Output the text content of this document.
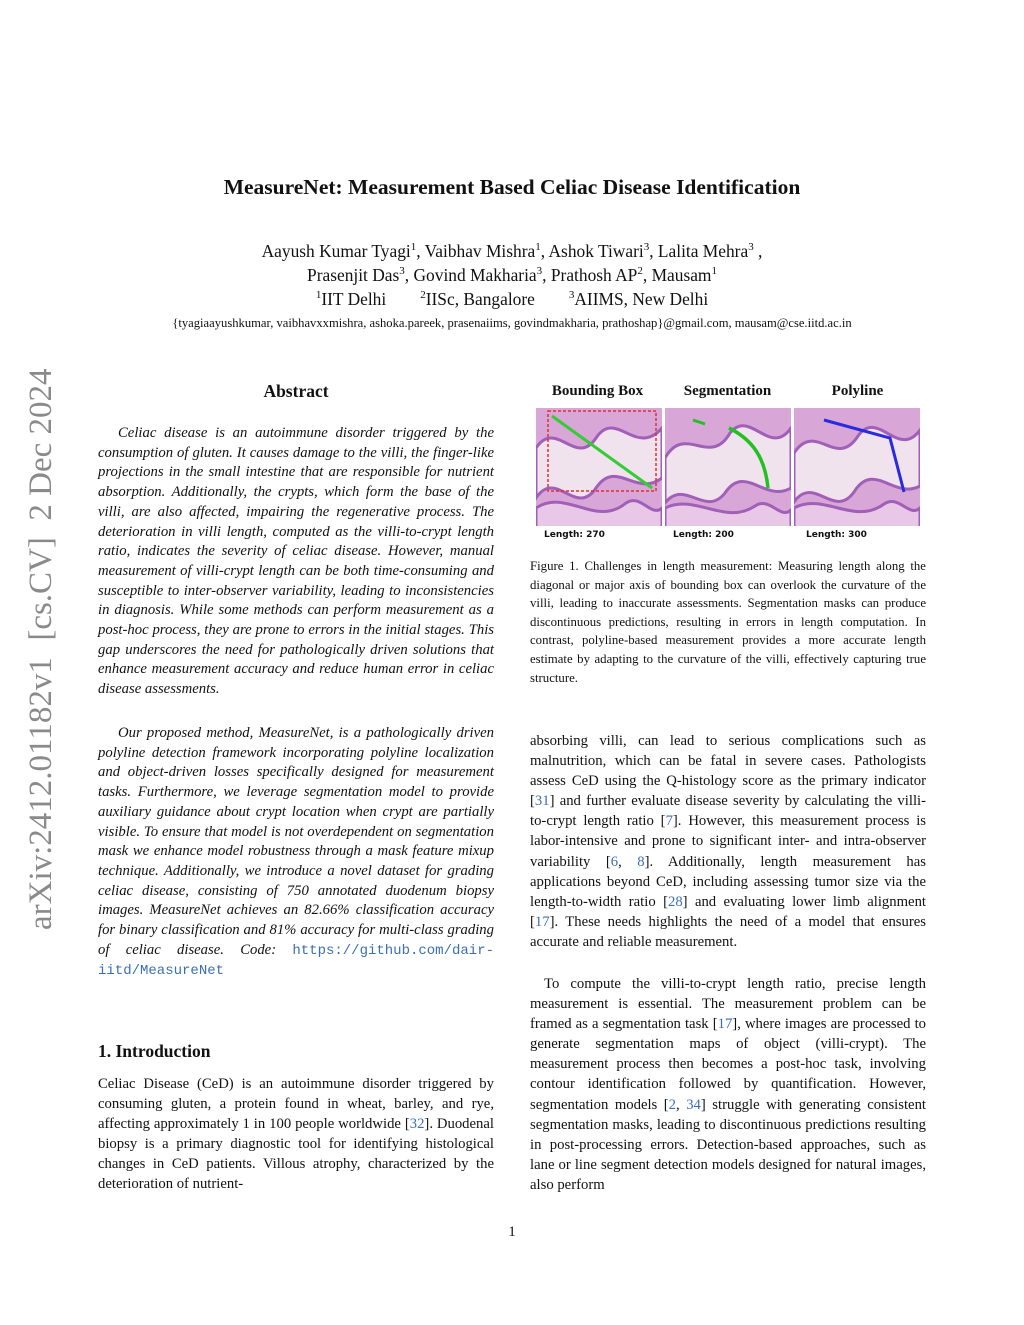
arXiv:2412.01182v1  [cs.CV]  2 Dec 2024
MeasureNet: Measurement Based Celiac Disease Identification
Aayush Kumar Tyagi$^1$, Vaibhav Mishra$^1$, Ashok Tiwari$^3$, Lalita Mehra$^3$ ,
Prasenjit Das$^3$, Govind Makharia$^3$, Prathosh $AP^2$, Mausam$^1$
$^1$IIT Delhi	$^2$IISc, Bangalore	$^3$AIIMS, New Delhi
{tyagiaayushkumar, vaibhavxxmishra, ashoka.pareek, prasenaiims, govindmakharia, prathoshap}@gmail.com, mausam@cse.iitd.ac.in
Abstract

Celiac disease is an autoimmune disorder triggered by the consumption of gluten. It causes damage to the villi, the finger-like projections in the small intestine that are responsible for nutrient absorption. Additionally, the crypts, which form the base of the villi, are also affected, impairing the regenerative process. The deterioration in villi length, computed as the villi-to-crypt length ratio, indicates the severity of celiac disease. However, manual measurement of villi-crypt length can be both time-consuming and susceptible to inter-observer variability, leading to inconsistencies in diagnosis. While some methods can perform measurement as a post-hoc process, they are prone to errors in the initial stages. This gap underscores the need for pathologically driven solutions that enhance measurement accuracy and reduce human error in celiac disease assessments.

Our proposed method, MeasureNet, is a pathologically driven polyline detection framework incorporating polyline localization and object-driven losses specifically designed for measurement tasks. Furthermore, we leverage segmentation model to provide auxiliary guidance about crypt location when crypt are partially visible. To ensure that model is not overdependent on segmentation mask we enhance model robustness through a mask feature mixup technique. Additionally, we introduce a novel dataset for grading celiac disease, consisting of 750 annotated duodenum biopsy images. MeasureNet achieves an 82.66% classification accuracy for binary classification and 81% accuracy for multi-class grading of celiac disease. Code: https://github.com/dair-iitd/MeasureNet

1. Introduction

Celiac Disease (CeD) is an autoimmune disorder triggered by consuming gluten, a protein found in wheat, barley, and rye, affecting approximately 1 in 100 people worldwide [32]. Duodenal biopsy is a primary diagnostic tool for identifying histological changes in CeD patients. Villous atrophy, characterized by the deterioration of nutrient-

Bounding Box	Segmentation	Polyline
Length: 270	Length: 200	Length: 300

Figure 1. Challenges in length measurement: Measuring length along the diagonal or major axis of bounding box can overlook the curvature of the villi, leading to inaccurate assessments. Segmentation masks can produce discontinuous predictions, resulting in errors in length computation. In contrast, polyline-based measurement provides a more accurate length estimate by adapting to the curvature of the villi, effectively capturing true structure.

absorbing villi, can lead to serious complications such as malnutrition, which can be fatal in severe cases. Pathologists assess CeD using the Q-histology score as the primary indicator [31] and further evaluate disease severity by calculating the villi-to-crypt length ratio [7]. However, this measurement process is labor-intensive and prone to significant inter- and intra-observer variability [6, 8]. Additionally, length measurement has applications beyond CeD, including assessing tumor size via the length-to-width ratio [28] and evaluating lower limb alignment [17]. These needs highlights the need of a model that ensures accurate and reliable measurement.

To compute the villi-to-crypt length ratio, precise length measurement is essential. The measurement problem can be framed as a segmentation task [17], where images are processed to generate segmentation maps of object (villi-crypt). The measurement process then becomes a post-hoc task, involving contour identification followed by quantification. However, segmentation models [2, 34] struggle with generating consistent segmentation masks, leading to discontinuous predictions resulting in post-processing errors. Detection-based approaches, such as lane or line segment detection models designed for natural images, also perform

1
